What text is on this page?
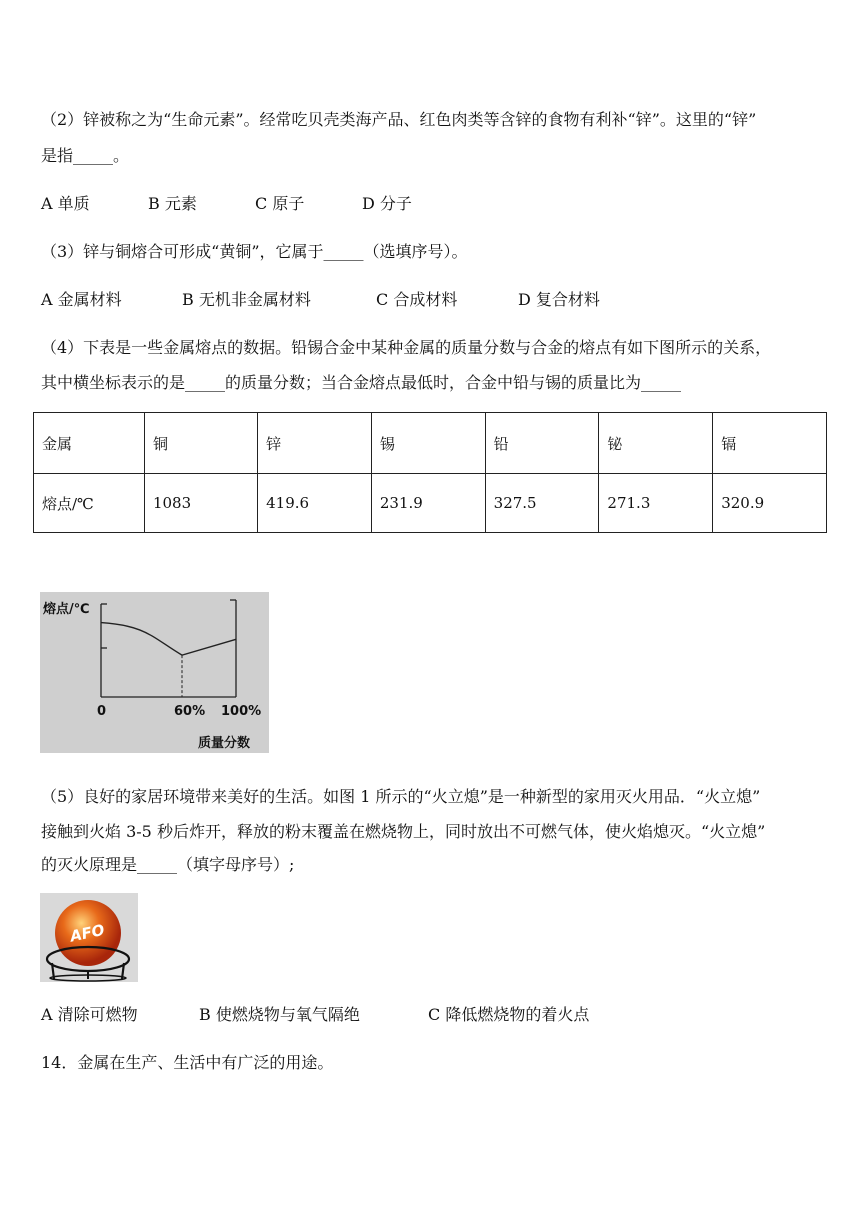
（2）锌被称之为“生命元素”。经常吃贝壳类海产品、红色肉类等含锌的食物有利补“锌”。这里的“锌”
是指_____。
A 单质	B 元素	C 原子	D 分子
（3）锌与铜熔合可形成“黄铜”，它属于_____（选填序号）。
A 金属材料	B 无机非金属材料	C 合成材料	D 复合材料
（4）下表是一些金属熔点的数据。铅锡合金中某种金属的质量分数与合金的熔点有如下图所示的关系，
其中横坐标表示的是_____的质量分数；当合金熔点最低时，合金中铅与锡的质量比为_____
金属	铜	锌	锡	铅	铋	镉
熔点/℃	1083	419.6	231.9	327.5	271.3	320.9
熔点/℃
0	60% 100%
质量分数
（5）良好的家居环境带来美好的生活。如图 1 所示的“火立熄”是一种新型的家用灭火用品．“火立熄”
接触到火焰 3-5 秒后炸开，释放的粉末覆盖在燃烧物上，同时放出不可燃气体，使火焰熄灭。“火立熄”
的灭火原理是_____（填字母序号）;
AFO
A 清除可燃物	B 使燃烧物与氧气隔绝	C 降低燃烧物的着火点
14．金属在生产、生活中有广泛的用途。
